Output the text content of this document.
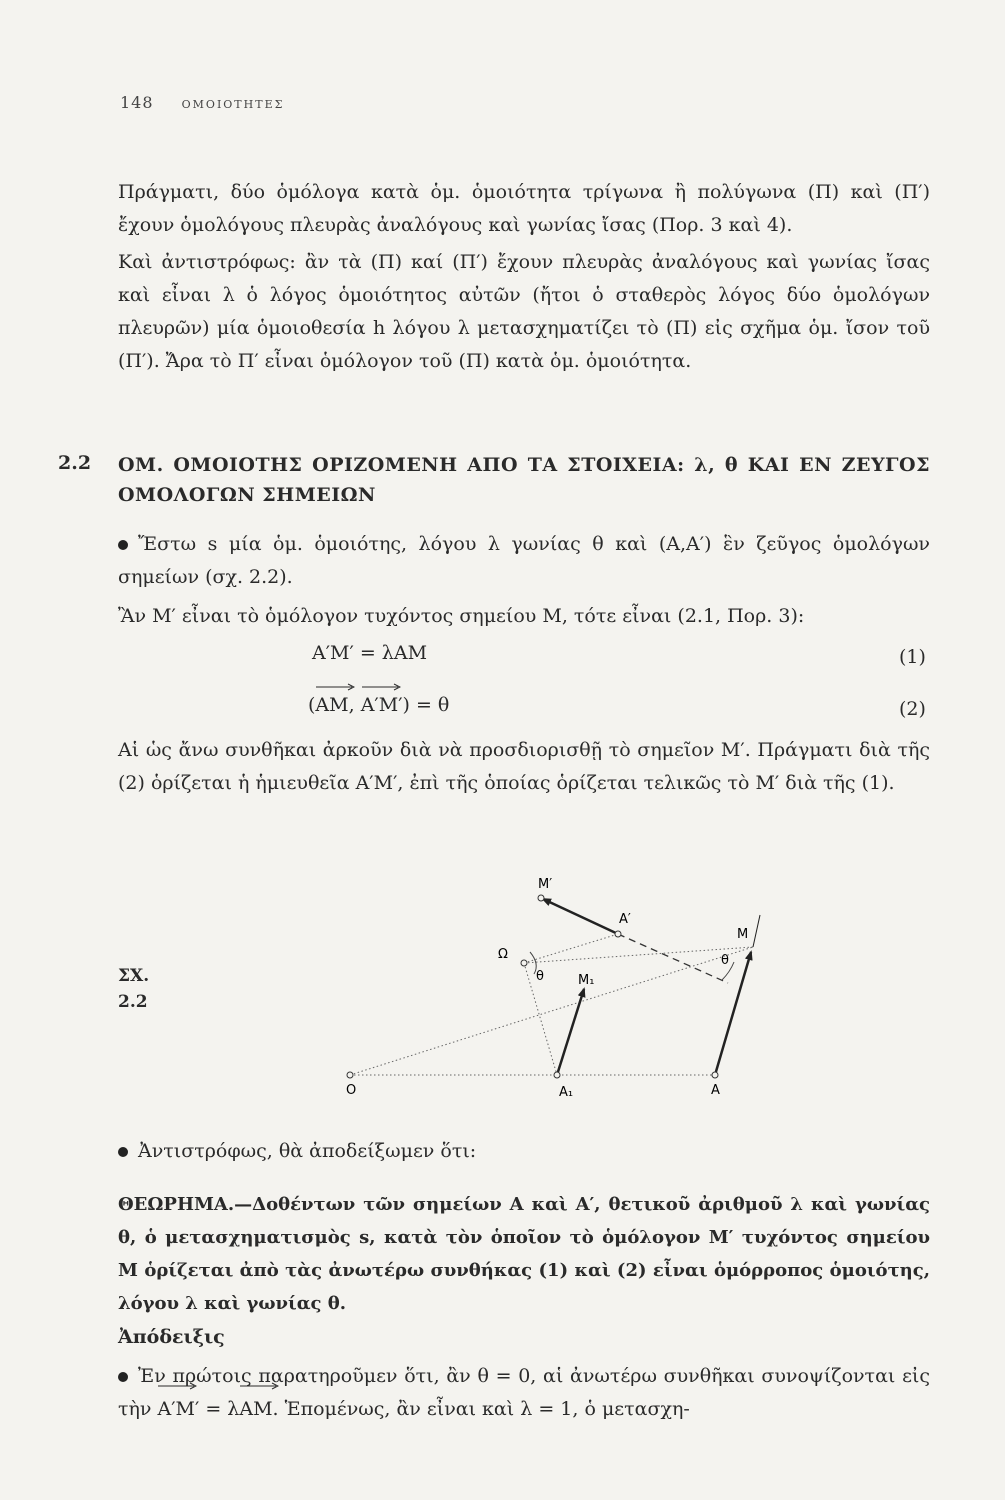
148	ΟΜΟΙΟΤΗΤΕΣ

Πράγματι, δύο ὁμόλογα κατὰ ὁμ. ὁμοιότητα τρίγωνα ἢ πολύγωνα (Π) καὶ (Π′) ἔχουν ὁμολόγους πλευρὰς ἀναλόγους καὶ γωνίας ἴσας (Πορ. 3 καὶ 4).

Καὶ ἀντιστρόφως: ἂν τὰ (Π) καί (Π′) ἔχουν πλευρὰς ἀναλόγους καὶ γωνίας ἴσας καὶ εἶναι λ ὁ λόγος ὁμοιότητος αὐτῶν (ἤτοι ὁ σταθερὸς λόγος δύο ὁμολόγων πλευρῶν) μία ὁμοιοθεσία h λόγου λ μετασχηματίζει τὸ (Π) εἰς σχῆμα ὁμ. ἴσον τοῦ (Π′). Ἄρα τὸ Π′ εἶναι ὁμόλογον τοῦ (Π) κατὰ ὁμ. ὁμοιότητα.

2.2 ΟΜ. ΟΜΟΙΟΤΗΣ ΟΡΙΖΟΜΕΝΗ ΑΠΟ ΤΑ ΣΤΟΙΧΕΙΑ: λ, θ ΚΑΙ ΕΝ ΖΕΥΓΟΣ ΟΜΟΛΟΓΩΝ ΣΗΜΕΙΩΝ

Ἔστω s μία ὁμ. ὁμοιότης, λόγου λ γωνίας θ καὶ (Α,Α′) ἓν ζεῦγος ὁμολόγων σημείων (σχ. 2.2).

Ἂν Μ′ εἶναι τὸ ὁμόλογον τυχόντος σημείου Μ, τότε εἶναι (2.1, Πορ. 3):

Α′Μ′ = λΑΜ	(1)
(
ΑΜ,
Α′Μ′) = θ	(2)

Αἱ ὡς ἄνω συνθῆκαι ἀρκοῦν διὰ νὰ προσδιορισθῇ τὸ σημεῖον Μ′. Πράγματι διὰ τῆς (2) ὁρίζεται ἡ ἡμιευθεῖα Α′Μ′, ἐπὶ τῆς ὁποίας ὁρίζεται τελικῶς τὸ Μ′ διὰ τῆς (1).

ΣΧ.
2.2
O	A₁	A
Ω
θ	M₁
A′
M′
M
θ

Ἀντιστρόφως, θὰ ἀποδείξωμεν ὅτι:

ΘΕΩΡΗΜΑ.—Δοθέντων τῶν σημείων Α καὶ Α′, θετικοῦ ἀριθμοῦ λ καὶ γωνίας θ, ὁ μετασχηματισμὸς s, κατὰ τὸν ὁποῖον τὸ ὁμόλογον Μ′ τυχόντος σημείου Μ ὁρίζεται ἀπὸ τὰς ἀνωτέρω συνθήκας (1) καὶ (2) εἶναι ὁμόρροπος ὁμοιότης, λόγου λ καὶ γωνίας θ.

Ἀπόδειξις

Ἐν πρώτοις παρατηροῦμεν ὅτι, ἂν θ = 0, αἱ ἀνωτέρω συνθῆκαι συνοψίζονται εἰς τὴν
Α′Μ′ = λ
ΑΜ. Ἑπομένως, ἂν εἶναι καὶ λ = 1, ὁ μετασχη-
